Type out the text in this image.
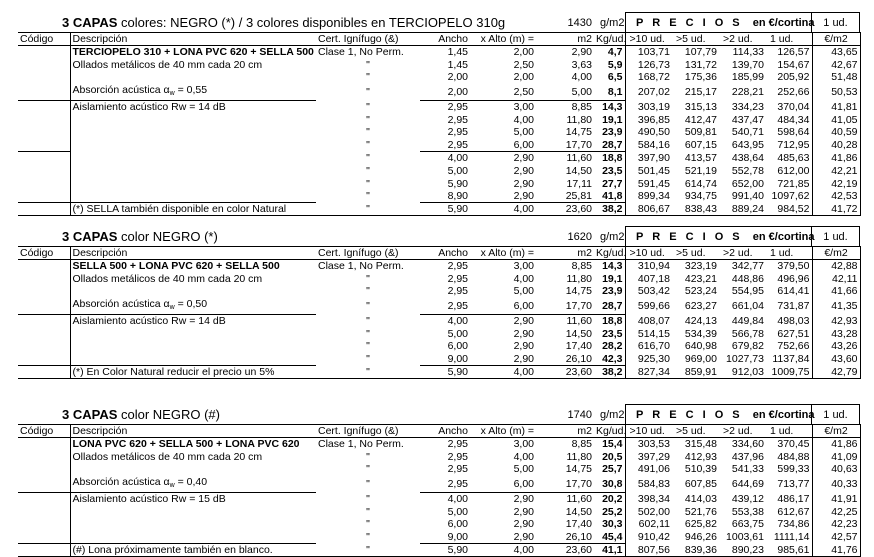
3 CAPAS colores: NEGRO (*) / 3 colores disponibles en TERCIOPELO 310g	1430 g/m2	P R E C I O S en €/cortina 1 ud.
Código	Descripción	Cert. Ignífugo (&)	Ancho	x Alto (m) =	m2	Kg/ud.	>10 ud.	>5 ud.	>2 ud.	1 ud.	€/m2
	TERCIOPELO 310 + LONA PVC 620 + SELLA 500	Clase 1, No Perm.	1,45	2,00	2,90	4,7	103,71	107,79	114,33	126,57	43,65
	Ollados metálicos de 40 mm cada 20 cm	"	1,45	2,50	3,63	5,9	126,73	131,72	139,70	154,67	42,67
		"	2,00	2,00	4,00	6,5	168,72	175,36	185,99	205,92	51,48
	Absorción acústica $\alpha_w = 0,55$	"	2,00	2,50	5,00	8,1	207,02	215,17	228,21	252,66	50,53
	Aislamiento acústico Rw = 14 dB	"	2,95	3,00	8,85	14,3	303,19	315,13	334,23	370,04	41,81
		"	2,95	4,00	11,80	19,1	396,85	412,47	437,47	484,34	41,05
		"	2,95	5,00	14,75	23,9	490,50	509,81	540,71	598,64	40,59
		"	2,95	6,00	17,70	28,7	584,16	607,15	643,95	712,95	40,28
		"	4,00	2,90	11,60	18,8	397,90	413,57	438,64	485,63	41,86
		"	5,00	2,90	14,50	23,5	501,45	521,19	552,78	612,00	42,21
		"	5,90	2,90	17,11	27,7	591,45	614,74	652,00	721,85	42,19
		"	8,90	2,90	25,81	41,8	899,34	934,75	991,40	1097,62	42,53
	(*) SELLA también disponible en color Natural	"	5,90	4,00	23,60	38,2	806,67	838,43	889,24	984,52	41,72
3 CAPAS color NEGRO (*)	1620 g/m2	P R E C I O S en €/cortina 1 ud.
Código	Descripción	Cert. Ignífugo (&)	Ancho	x Alto (m) =	m2	Kg/ud.	>10 ud.	>5 ud.	>2 ud.	1 ud.	€/m2
	SELLA 500 + LONA PVC 620 + SELLA 500	Clase 1, No Perm.	2,95	3,00	8,85	14,3	310,94	323,19	342,77	379,50	42,88
	Ollados metálicos de 40 mm cada 20 cm	"	2,95	4,00	11,80	19,1	407,18	423,21	448,86	496,96	42,11
		"	2,95	5,00	14,75	23,9	503,42	523,24	554,95	614,41	41,66
	Absorción acústica $\alpha_w = 0,50$	"	2,95	6,00	17,70	28,7	599,66	623,27	661,04	731,87	41,35
	Aislamiento acústico Rw = 14 dB	"	4,00	2,90	11,60	18,8	408,07	424,13	449,84	498,03	42,93
		"	5,00	2,90	14,50	23,5	514,15	534,39	566,78	627,51	43,28
		"	6,00	2,90	17,40	28,2	616,70	640,98	679,82	752,66	43,26
		"	9,00	2,90	26,10	42,3	925,30	969,00	1027,73	1137,84	43,60
	(*) En Color Natural reducir el precio un 5%	"	5,90	4,00	23,60	38,2	827,34	859,91	912,03	1009,75	42,79
3 CAPAS color NEGRO (#)	1740 g/m2	P R E C I O S en €/cortina 1 ud.
Código	Descripción	Cert. Ignífugo (&)	Ancho	x Alto (m) =	m2	Kg/ud.	>10 ud.	>5 ud.	>2 ud.	1 ud.	€/m2
	LONA PVC 620 + SELLA 500 + LONA PVC 620	Clase 1, No Perm.	2,95	3,00	8,85	15,4	303,53	315,48	334,60	370,45	41,86
	Ollados metálicos de 40 mm cada 20 cm	"	2,95	4,00	11,80	20,5	397,29	412,93	437,96	484,88	41,09
		"	2,95	5,00	14,75	25,7	491,06	510,39	541,33	599,33	40,63
	Absorción acústica $\alpha_w = 0,40$	"	2,95	6,00	17,70	30,8	584,83	607,85	644,69	713,77	40,33
	Aislamiento acústico Rw = 15 dB	"	4,00	2,90	11,60	20,2	398,34	414,03	439,12	486,17	41,91
		"	5,00	2,90	14,50	25,2	502,00	521,76	553,38	612,67	42,25
		"	6,00	2,90	17,40	30,3	602,11	625,82	663,75	734,86	42,23
		"	9,00	2,90	26,10	45,4	910,42	946,26	1003,61	1111,14	42,57
	(#) Lona próximamente también en blanco.	"	5,90	4,00	23,60	41,1	807,56	839,36	890,23	985,61	41,76
